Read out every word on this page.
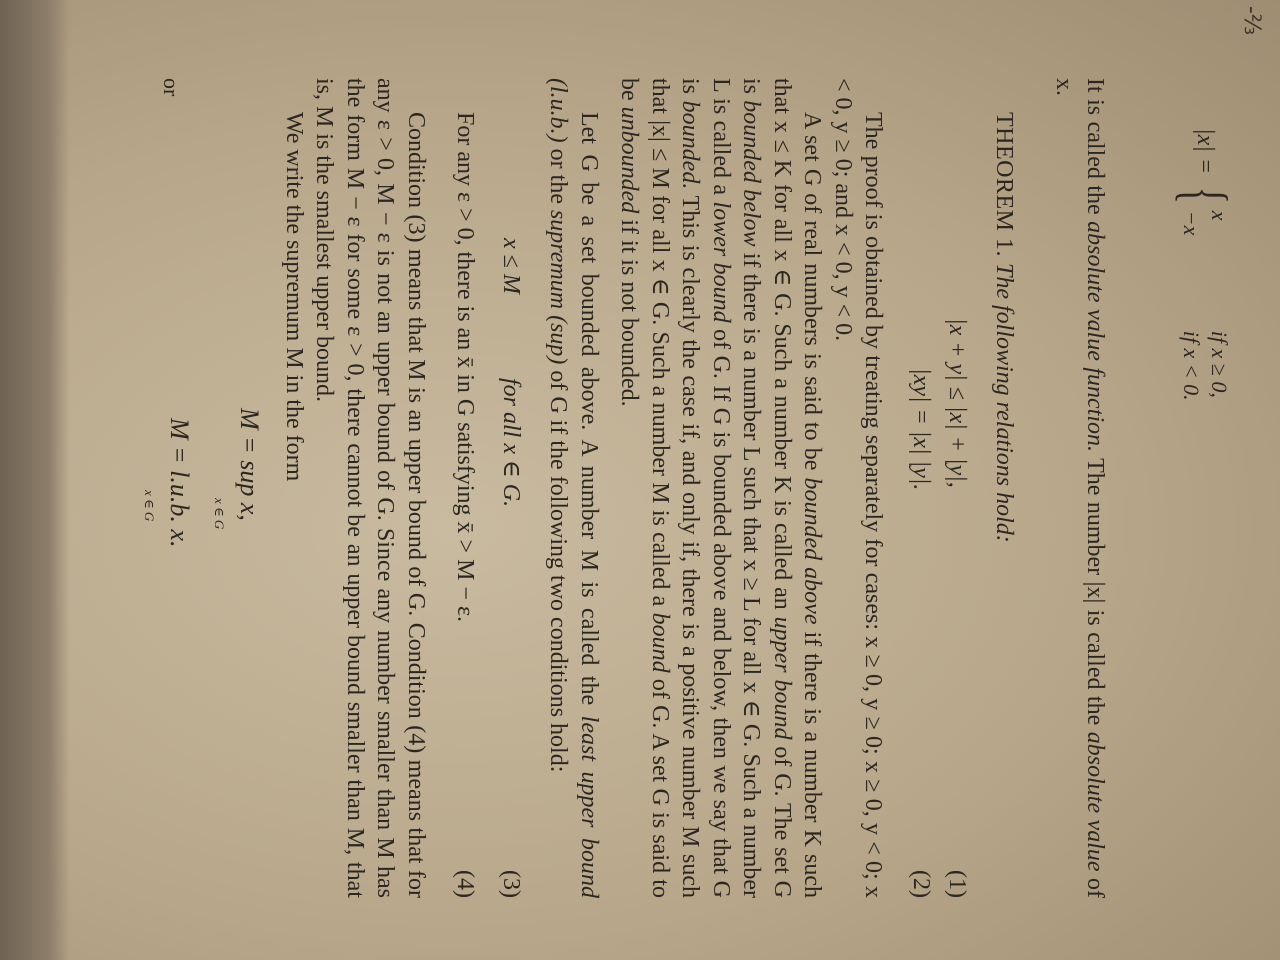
-⅔
|x| =
{
x
if x ≥ 0,
−x
if x < 0.

It is called the absolute value function. The number |x| is called the absolute value of x.

THEOREM 1. The following relations hold:

|x + y| ≤ |x| + |y|,
(1)
|xy| = |x| |y|.
(2)

The proof is obtained by treating separately for cases: x ≥ 0, y ≥ 0; x ≥ 0, y < 0; x < 0, y ≥ 0; and x < 0, y < 0.

A set G of real numbers is said to be bounded above if there is a number K such that x ≤ K for all x ∈ G. Such a number K is called an upper bound of G. The set G is bounded below if there is a number L such that x ≥ L for all x ∈ G. Such a number L is called a lower bound of G. If G is bounded above and below, then we say that G is bounded. This is clearly the case if, and only if, there is a positive number M such that |x| ≤ M for all x ∈ G. Such a number M is called a bound of G. A set G is said to be unbounded if it is not bounded.

Let G be a set bounded above. A number M is called the least upper bound (l.u.b.) or the supremum (sup) of G if the following two conditions hold:

x ≤ M
for all x ∈ G.
(3)
For any ε > 0, there is an x̄ in G satisfying x̄ > M − ε.
(4)

Condition (3) means that M is an upper bound of G. Condition (4) means that for any ε > 0, M − ε is not an upper bound of G. Since any number smaller than M has the form M − ε for some ε > 0, there cannot be an upper bound smaller than M, that is, M is the smallest upper bound.

We write the supremum M in the form

M = sup x,
x ∈ G
or
M = l.u.b. x.
x ∈ G
